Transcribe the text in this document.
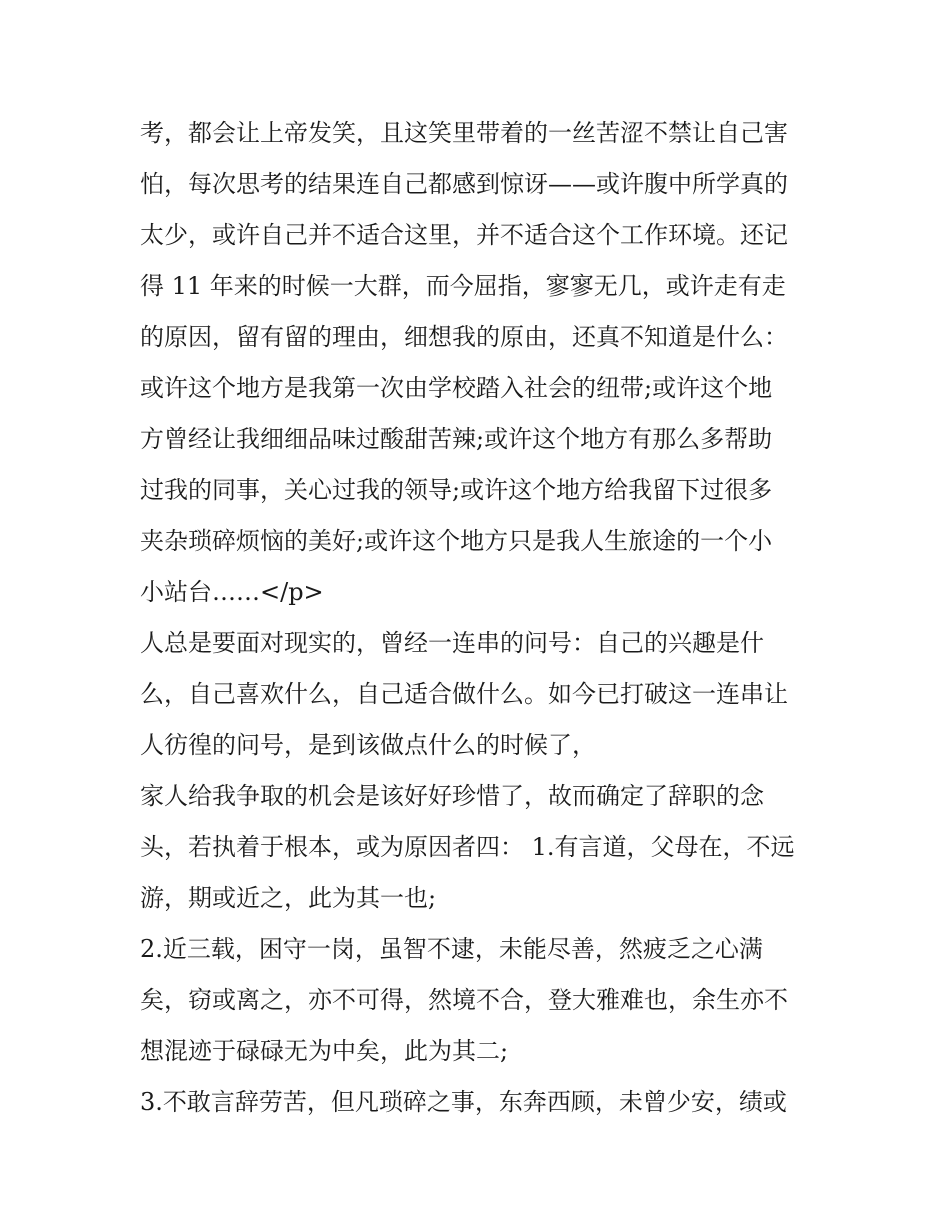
考，都会让上帝发笑，且这笑里带着的一丝苦涩不禁让自己害
怕，每次思考的结果连自己都感到惊讶——或许腹中所学真的
太少，或许自己并不适合这里，并不适合这个工作环境。还记
得 11 年来的时候一大群，而今屈指，寥寥无几，或许走有走
的原因，留有留的理由，细想我的原由，还真不知道是什么：
或许这个地方是我第一次由学校踏入社会的纽带;或许这个地
方曾经让我细细品味过酸甜苦辣;或许这个地方有那么多帮助
过我的同事，关心过我的领导;或许这个地方给我留下过很多
夹杂琐碎烦恼的美好;或许这个地方只是我人生旅途的一个小
小站台……</p>
人总是要面对现实的，曾经一连串的问号：自己的兴趣是什
么，自己喜欢什么，自己适合做什么。如今已打破这一连串让
人彷徨的问号，是到该做点什么的时候了，
家人给我争取的机会是该好好珍惜了，故而确定了辞职的念
头，若执着于根本，或为原因者四： 1.有言道，父母在，不远
游，期或近之，此为其一也;
2.近三载，困守一岗，虽智不逮，未能尽善，然疲乏之心满
矣，窃或离之，亦不可得，然境不合，登大雅难也，余生亦不
想混迹于碌碌无为中矣，此为其二;
3.不敢言辞劳苦，但凡琐碎之事，东奔西顾，未曾少安，绩或
